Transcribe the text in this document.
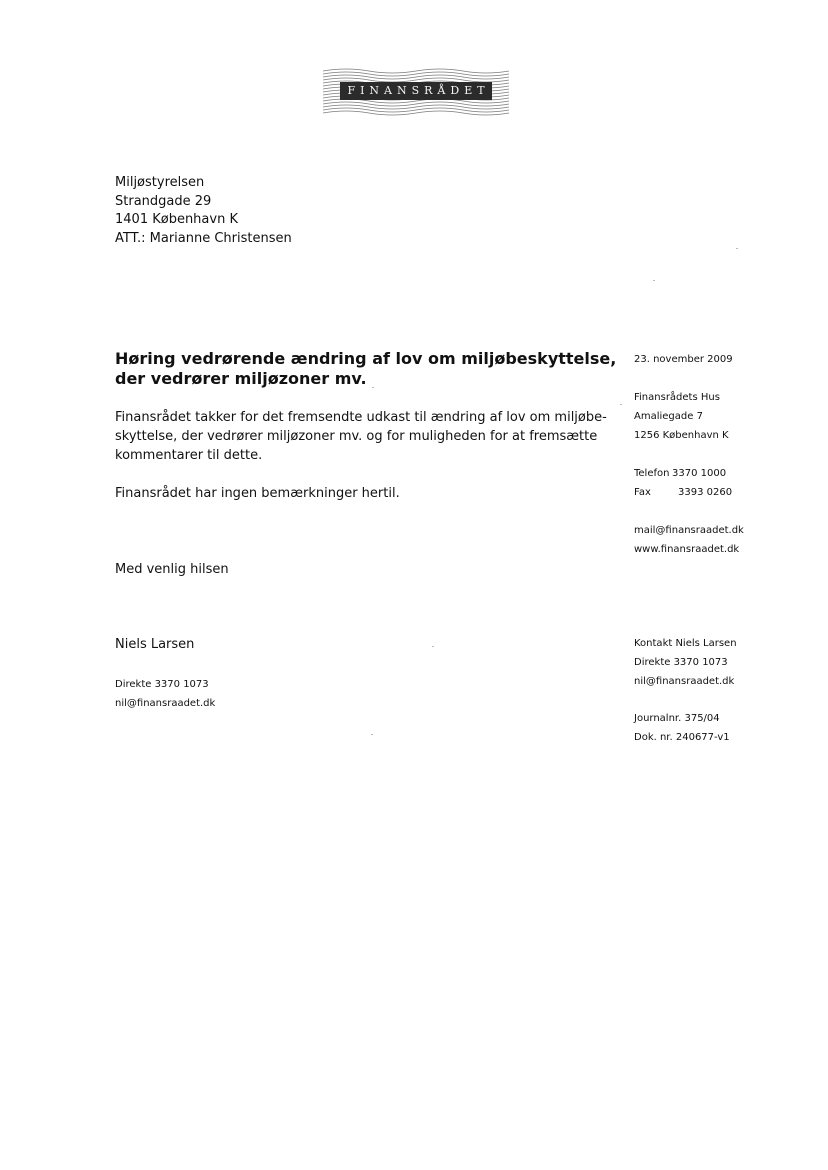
FINANSRÅDET
Miljøstyrelsen
Strandgade 29
1401 København K
ATT.: Marianne Christensen
Høring vedrørende ændring af lov om miljøbeskyttelse,
der vedrører miljøzoner mv.
Finansrådet takker for det fremsendte udkast til ændring af lov om miljøbe-
skyttelse, der vedrører miljøzoner mv. og for muligheden for at fremsætte
kommentarer til dette.
Finansrådet har ingen bemærkninger hertil.
Med venlig hilsen
Niels Larsen
Direkte 3370 1073
nil@finansraadet.dk
23. november 2009
Finansrådets Hus
Amaliegade 7
1256 København K
Telefon 3370 1000
Fax	3393 0260
mail@finansraadet.dk
www.finansraadet.dk
Kontakt Niels Larsen
Direkte 3370 1073
nil@finansraadet.dk
Journalnr. 375/04
Dok. nr. 240677-v1
